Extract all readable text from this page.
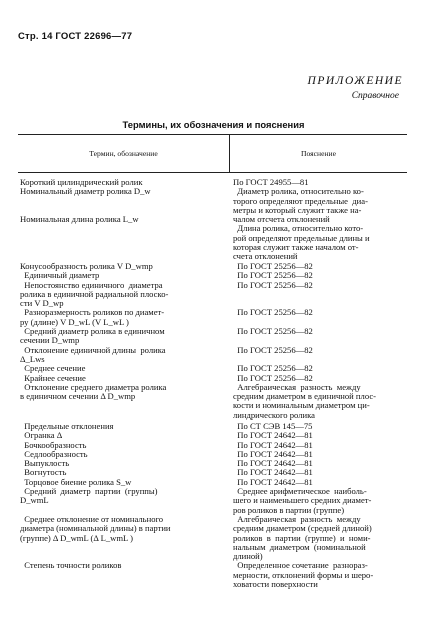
Стр. 14 ГОСТ 22696—77
ПРИЛОЖЕНИЕ
Справочное
Термины, их обозначения и пояснения
Термин, обозначение	Пояснение
Короткий цилиндрический ролик
Номинальный диаметр ролика D_w

Номинальная длина ролика L_w
По ГОСТ 24955—81
Диаметр ролика, относительно ко-
торого определяют предельные  диа-
метры и который служит также на-
чалом отсчета отклонений
Длина ролика, относительно кото-
рой определяют предельные длины и
которая служит также началом от-
счета отклонений
Конусообразность ролика V D_wmp
Единичный диаметр
Непостоянство единичного  диаметра
ролика в единичной радиальной плоско-
сти V D_wp
Разноразмерность роликов по диамет-
ру (длине) V D_wL (V L_wL )
Средний диаметр ролика в единичном
сечении D_wmp
Отклонение единичной длины  ролика
Δ_Lws
Среднее сечение
Крайнее сечение
Отклонение среднего диаметра ролика
в единичном сечении Δ D_wmp
По ГОСТ 25256—82
По ГОСТ 25256—82
По ГОСТ 25256—82

По ГОСТ 25256—82

По ГОСТ 25256—82

По ГОСТ 25256—82

По ГОСТ 25256—82
По ГОСТ 25256—82
Алгебраическая  разность  между
средним диаметром в единичной плос-
кости и номинальным диаметром ци-
линдрического ролика
Предельные отклонения
Огранка Δ
Бочкообразность
Седлообразность
Выпуклость
Вогнутость
Торцовое биение ролика S_w
Средний  диаметр  партии  (группы)
D_wmL

Среднее отклонение от номинального
диаметра (номинальной длины) в партии
(группе) Δ D_wmL (Δ L_wmL )

Степень точности роликов
По СТ СЭВ 145—75
По ГОСТ 24642—81
По ГОСТ 24642—81
По ГОСТ 24642—81
По ГОСТ 24642—81
По ГОСТ 24642—81
По ГОСТ 24642—81
Среднее арифметическое  наиболь-
шего и наименьшего средних диамет-
ров роликов в партии (группе)
Алгебраическая  разность  между
средним диаметром (средней длиной)
роликов  в  партии  (группе)  и  номи-
нальным  диаметром  (номинальной
длиной)
Определенное сочетание  разнораз-
мерности, отклонений формы и шеро-
ховатости поверхности
